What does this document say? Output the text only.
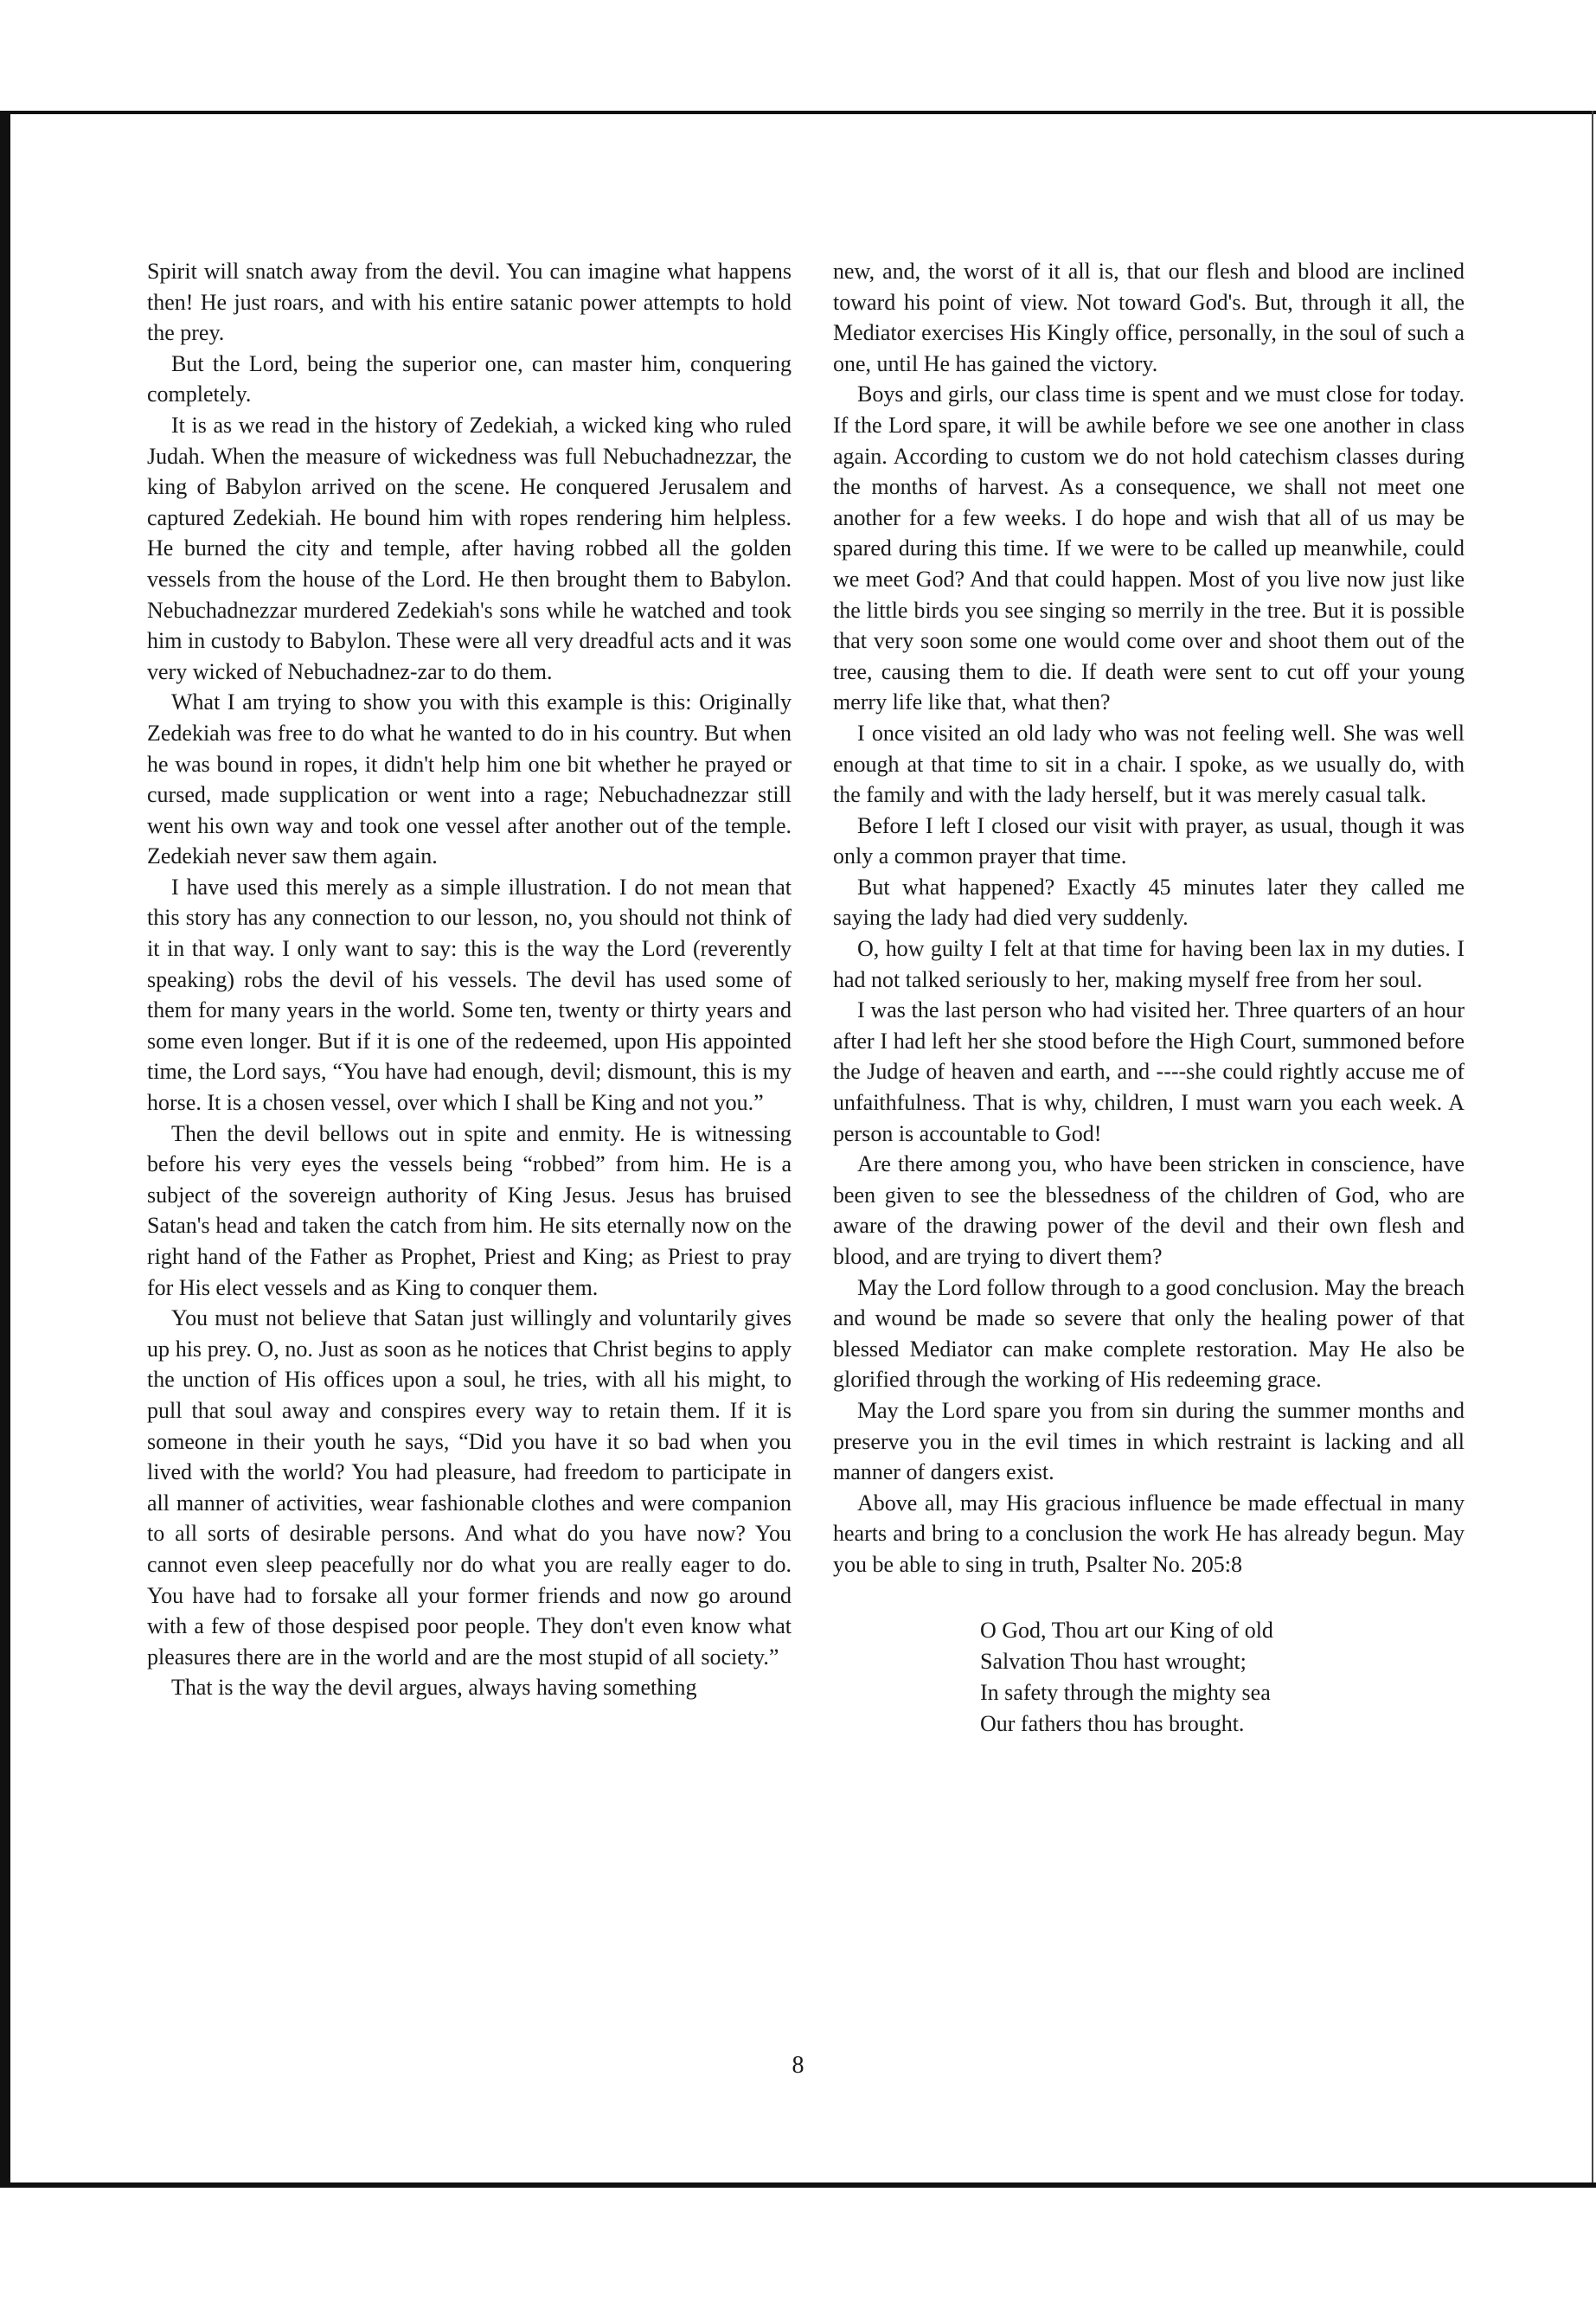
Spirit will snatch away from the devil. You can imagine what happens then! He just roars, and with his entire satanic power attempts to hold the prey.

But the Lord, being the superior one, can master him, conquering completely.

It is as we read in the history of Zedekiah, a wicked king who ruled Judah. When the measure of wickedness was full Nebuchadnezzar, the king of Babylon arrived on the scene. He conquered Jerusalem and captured Zedekiah. He bound him with ropes rendering him helpless. He burned the city and temple, after having robbed all the golden vessels from the house of the Lord. He then brought them to Babylon. Nebuchadnezzar murdered Zedekiah's sons while he watched and took him in custody to Babylon. These were all very dreadful acts and it was very wicked of Nebuchadnez-zar to do them.

What I am trying to show you with this example is this: Originally Zedekiah was free to do what he wanted to do in his country. But when he was bound in ropes, it didn't help him one bit whether he prayed or cursed, made supplication or went into a rage; Nebuchadnezzar still went his own way and took one vessel after another out of the temple. Zedekiah never saw them again.

I have used this merely as a simple illustration. I do not mean that this story has any connection to our lesson, no, you should not think of it in that way. I only want to say: this is the way the Lord (reverently speaking) robs the devil of his vessels. The devil has used some of them for many years in the world. Some ten, twenty or thirty years and some even longer. But if it is one of the redeemed, upon His appointed time, the Lord says, “You have had enough, devil; dismount, this is my horse. It is a chosen vessel, over which I shall be King and not you.”

Then the devil bellows out in spite and enmity. He is witnessing before his very eyes the vessels being “robbed” from him. He is a subject of the sovereign authority of King Jesus. Jesus has bruised Satan's head and taken the catch from him. He sits eternally now on the right hand of the Father as Prophet, Priest and King; as Priest to pray for His elect vessels and as King to conquer them.

You must not believe that Satan just willingly and voluntarily gives up his prey. O, no. Just as soon as he notices that Christ begins to apply the unction of His offices upon a soul, he tries, with all his might, to pull that soul away and conspires every way to retain them. If it is someone in their youth he says, “Did you have it so bad when you lived with the world? You had pleasure, had freedom to participate in all manner of activities, wear fashionable clothes and were companion to all sorts of desirable persons. And what do you have now? You cannot even sleep peacefully nor do what you are really eager to do. You have had to forsake all your former friends and now go around with a few of those despised poor people. They don't even know what pleasures there are in the world and are the most stupid of all society.”

That is the way the devil argues, always having something

new, and, the worst of it all is, that our flesh and blood are inclined toward his point of view. Not toward God's. But, through it all, the Mediator exercises His Kingly office, personally, in the soul of such a one, until He has gained the victory.

Boys and girls, our class time is spent and we must close for today. If the Lord spare, it will be awhile before we see one another in class again. According to custom we do not hold catechism classes during the months of harvest. As a consequence, we shall not meet one another for a few weeks. I do hope and wish that all of us may be spared during this time. If we were to be called up meanwhile, could we meet God? And that could happen. Most of you live now just like the little birds you see singing so merrily in the tree. But it is possible that very soon some one would come over and shoot them out of the tree, causing them to die. If death were sent to cut off your young merry life like that, what then?

I once visited an old lady who was not feeling well. She was well enough at that time to sit in a chair. I spoke, as we usually do, with the family and with the lady herself, but it was merely casual talk.

Before I left I closed our visit with prayer, as usual, though it was only a common prayer that time.

But what happened? Exactly 45 minutes later they called me saying the lady had died very suddenly.

O, how guilty I felt at that time for having been lax in my duties. I had not talked seriously to her, making myself free from her soul.

I was the last person who had visited her. Three quarters of an hour after I had left her she stood before the High Court, summoned before the Judge of heaven and earth, and ----she could rightly accuse me of unfaithfulness. That is why, children, I must warn you each week. A person is accountable to God!

Are there among you, who have been stricken in conscience, have been given to see the blessedness of the children of God, who are aware of the drawing power of the devil and their own flesh and blood, and are trying to divert them?

May the Lord follow through to a good conclusion. May the breach and wound be made so severe that only the healing power of that blessed Mediator can make complete restoration. May He also be glorified through the working of His redeeming grace.

May the Lord spare you from sin during the summer months and preserve you in the evil times in which restraint is lacking and all manner of dangers exist.

Above all, may His gracious influence be made effectual in many hearts and bring to a conclusion the work He has already begun. May you be able to sing in truth, Psalter No. 205:8

O God, Thou art our King of old
Salvation Thou hast wrought;
In safety through the mighty sea
Our fathers thou has brought.
8
